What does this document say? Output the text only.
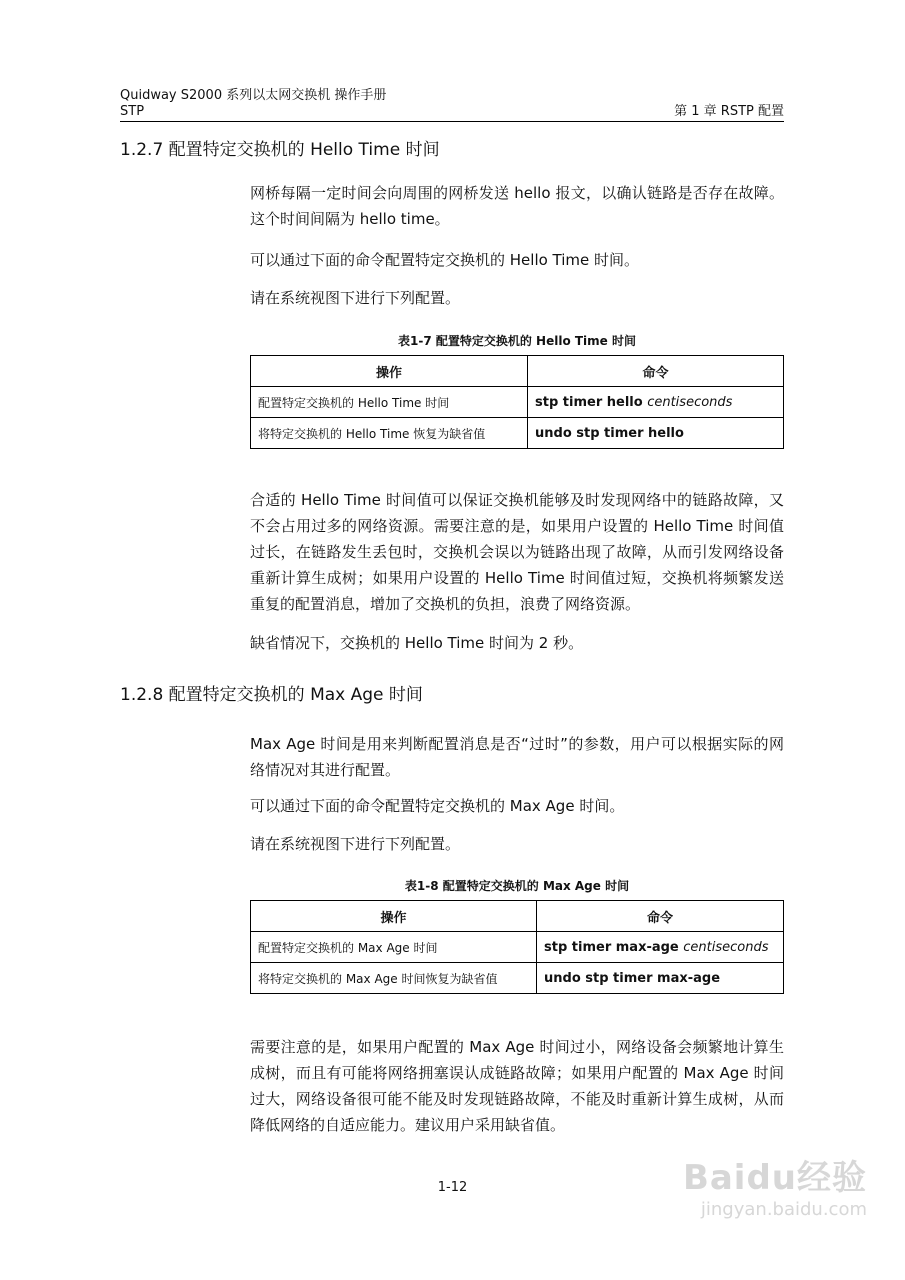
Quidway S2000 系列以太网交换机 操作手册
STP	第 1 章 RSTP 配置
1.2.7 配置特定交换机的 Hello Time 时间

网桥每隔一定时间会向周围的网桥发送 hello 报文，以确认链路是否存在故障。这个时间间隔为 hello time。

可以通过下面的命令配置特定交换机的 Hello Time 时间。

请在系统视图下进行下列配置。

表1-7 配置特定交换机的 Hello Time 时间
操作	命令
配置特定交换机的 Hello Time 时间	stp timer hello centiseconds
将特定交换机的 Hello Time 恢复为缺省值	undo stp timer hello

合适的 Hello Time 时间值可以保证交换机能够及时发现网络中的链路故障，又不会占用过多的网络资源。需要注意的是，如果用户设置的 Hello Time 时间值过长，在链路发生丢包时，交换机会误以为链路出现了故障，从而引发网络设备重新计算生成树；如果用户设置的 Hello Time 时间值过短，交换机将频繁发送重复的配置消息，增加了交换机的负担，浪费了网络资源。

缺省情况下，交换机的 Hello Time 时间为 2 秒。

1.2.8 配置特定交换机的 Max Age 时间

Max Age 时间是用来判断配置消息是否“过时”的参数，用户可以根据实际的网络情况对其进行配置。

可以通过下面的命令配置特定交换机的 Max Age 时间。

请在系统视图下进行下列配置。

表1-8 配置特定交换机的 Max Age 时间
操作	命令
配置特定交换机的 Max Age 时间	stp timer max-age centiseconds
将特定交换机的 Max Age 时间恢复为缺省值	undo stp timer max-age

需要注意的是，如果用户配置的 Max Age 时间过小，网络设备会频繁地计算生成树，而且有可能将网络拥塞误认成链路故障；如果用户配置的 Max Age 时间过大，网络设备很可能不能及时发现链路故障，不能及时重新计算生成树，从而降低网络的自适应能力。建议用户采用缺省值。

1-12	Baidu经验
jingyan.baidu.com
